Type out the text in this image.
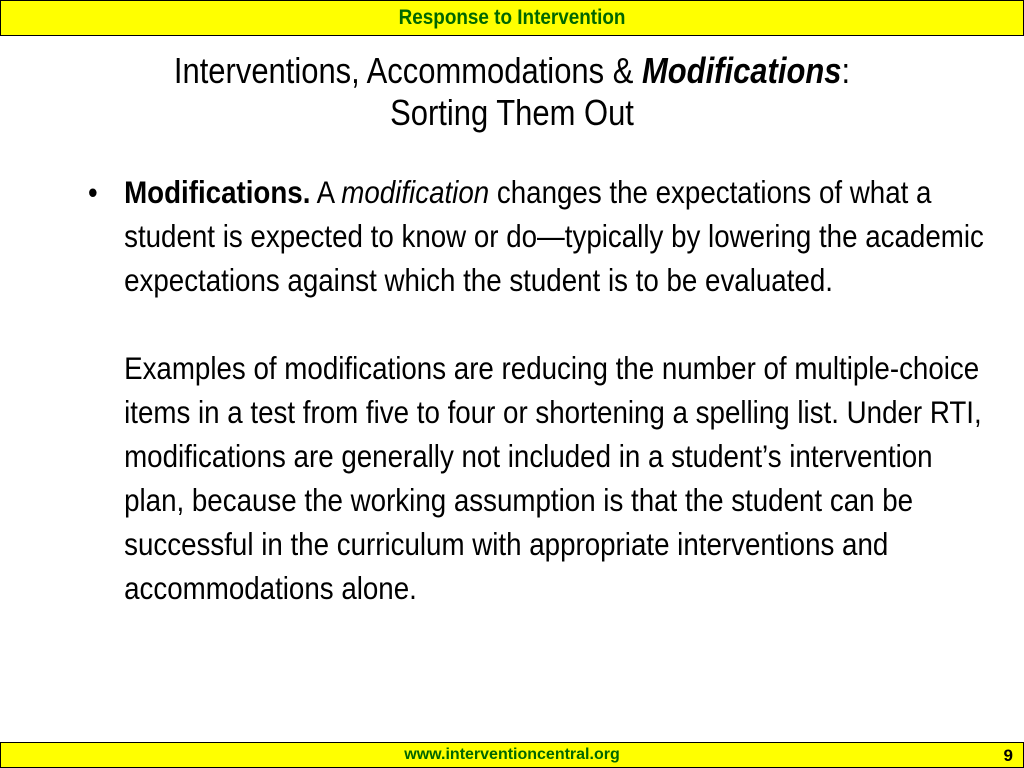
Response to Intervention
Interventions, Accommodations & Modifications:
Sorting Them Out
• Modifications. A modification changes the expectations of what a student is expected to know or do—typically by lowering the academic expectations against which the student is to be evaluated.
Examples of modifications are reducing the number of multiple-choice items in a test from five to four or shortening a spelling list. Under RTI, modifications are generally not included in a student’s intervention plan, because the working assumption is that the student can be successful in the curriculum with appropriate interventions and accommodations alone.
www.interventioncentral.org	9
